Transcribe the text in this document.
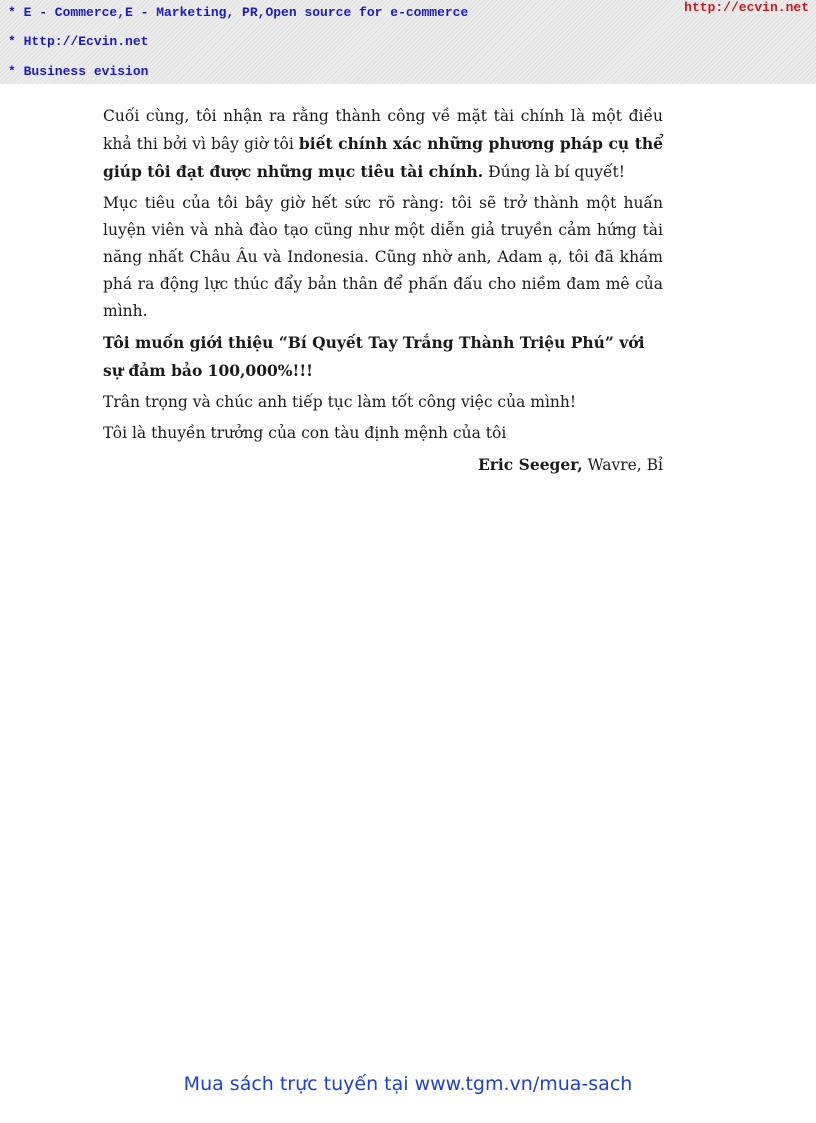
* E - Commerce,E - Marketing, PR,Open source for e-commerce
* Http://Ecvin.net
* Business evision
http://ecvin.net

Cuối cùng, tôi nhận ra rằng thành công về mặt tài chính là một điều khả thi bởi vì bây giờ tôi biết chính xác những phương pháp cụ thể giúp tôi đạt được những mục tiêu tài chính. Đúng là bí quyết!

Mục tiêu của tôi bây giờ hết sức rõ ràng: tôi sẽ trở thành một huấn luyện viên và nhà đào tạo cũng như một diễn giả truyền cảm hứng tài năng nhất Châu Âu và Indonesia. Cũng nhờ anh, Adam ạ, tôi đã khám phá ra động lực thúc đẩy bản thân để phấn đấu cho niềm đam mê của mình.

Tôi muốn giới thiệu “Bí Quyết Tay Trắng Thành Triệu Phú” với sự đảm bảo 100,000%!!!

Trân trọng và chúc anh tiếp tục làm tốt công việc của mình!

Tôi là thuyền trưởng của con tàu định mệnh của tôi

Eric Seeger, Wavre, Bỉ

Mua sách trực tuyến tại www.tgm.vn/mua-sach
